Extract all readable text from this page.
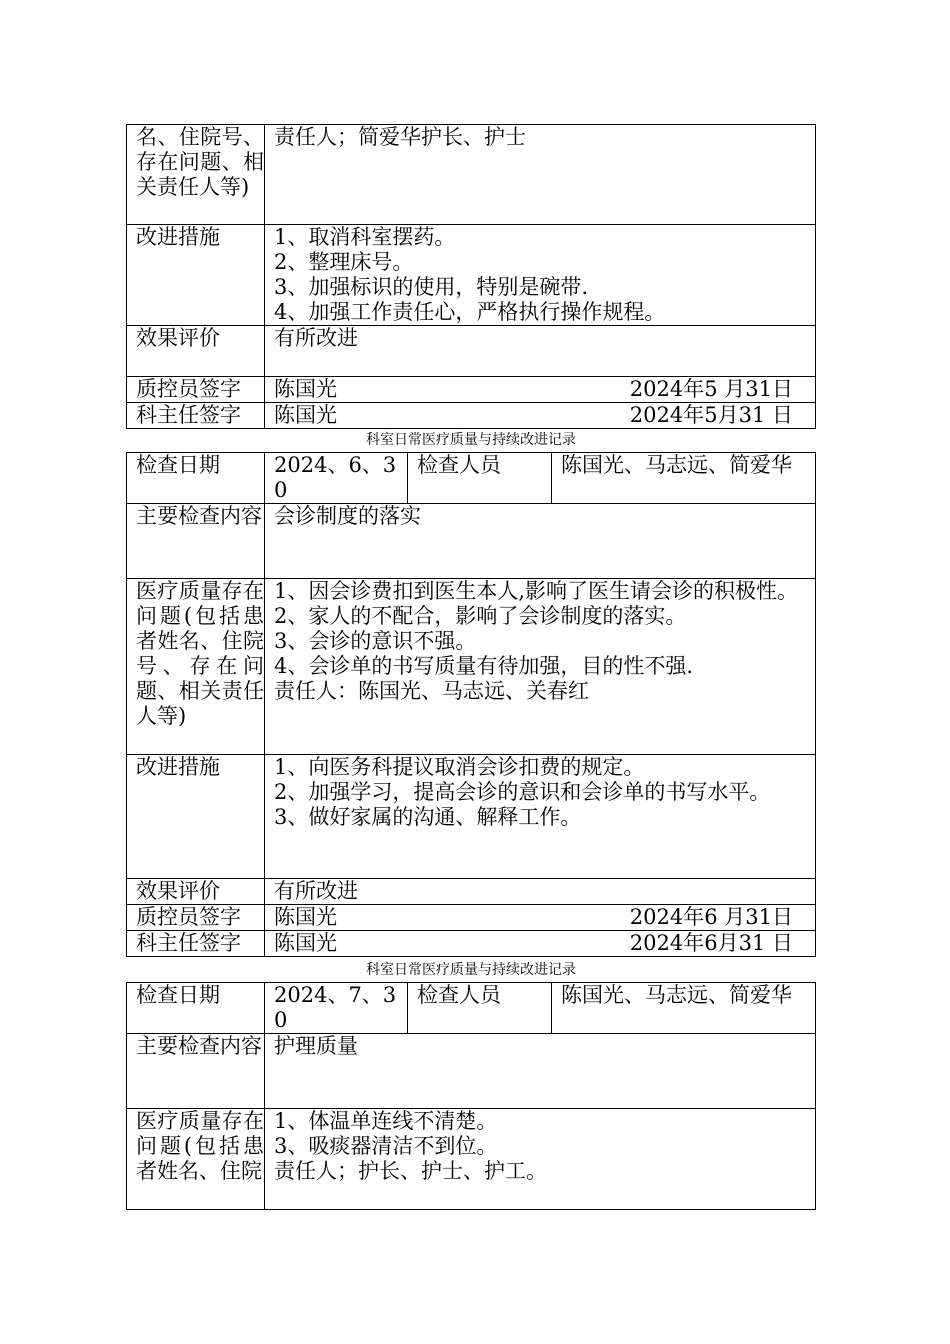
名、住院号、存在问题、相关责任人等)	责任人；简爱华护长、护士

改进措施	1、取消科室摆药。
2、整理床号。
3、加强标识的使用，特别是碗带.
4、加强工作责任心，严格执行操作规程。

效果评价	有所改进

质控员签字	陈国光 2024年5 月31日

科主任签字	陈国光 2024年5月31 日
科室日常医疗质量与持续改进记录
检查日期	2024、6、30	检查人员	陈国光、马志远、简爱华

主要检查内容	会诊制度的落实		

医疗质量存在问题(包括患者姓名、住院号、存在问题、相关责任人等)	1、因会诊费扣到医生本人,影响了医生请会诊的积极性。
2、家人的不配合，影响了会诊制度的落实。
3、会诊的意识不强。
4、会诊单的书写质量有待加强，目的性不强.
责任人：陈国光、马志远、关春红		

改进措施	1、向医务科提议取消会诊扣费的规定。
2、加强学习，提高会诊的意识和会诊单的书写水平。
3、做好家属的沟通、解释工作。		

效果评价	有所改进		

质控员签字	陈国光 2024年6 月31日		

科主任签字	陈国光 2024年6月31 日		
科室日常医疗质量与持续改进记录
检查日期	2024、7、30	检查人员	陈国光、马志远、简爱华

主要检查内容	护理质量		

医疗质量存在问题(包括患者姓名、住院	1、体温单连线不清楚。
3、吸痰器清洁不到位。
责任人；护长、护士、护工。		
